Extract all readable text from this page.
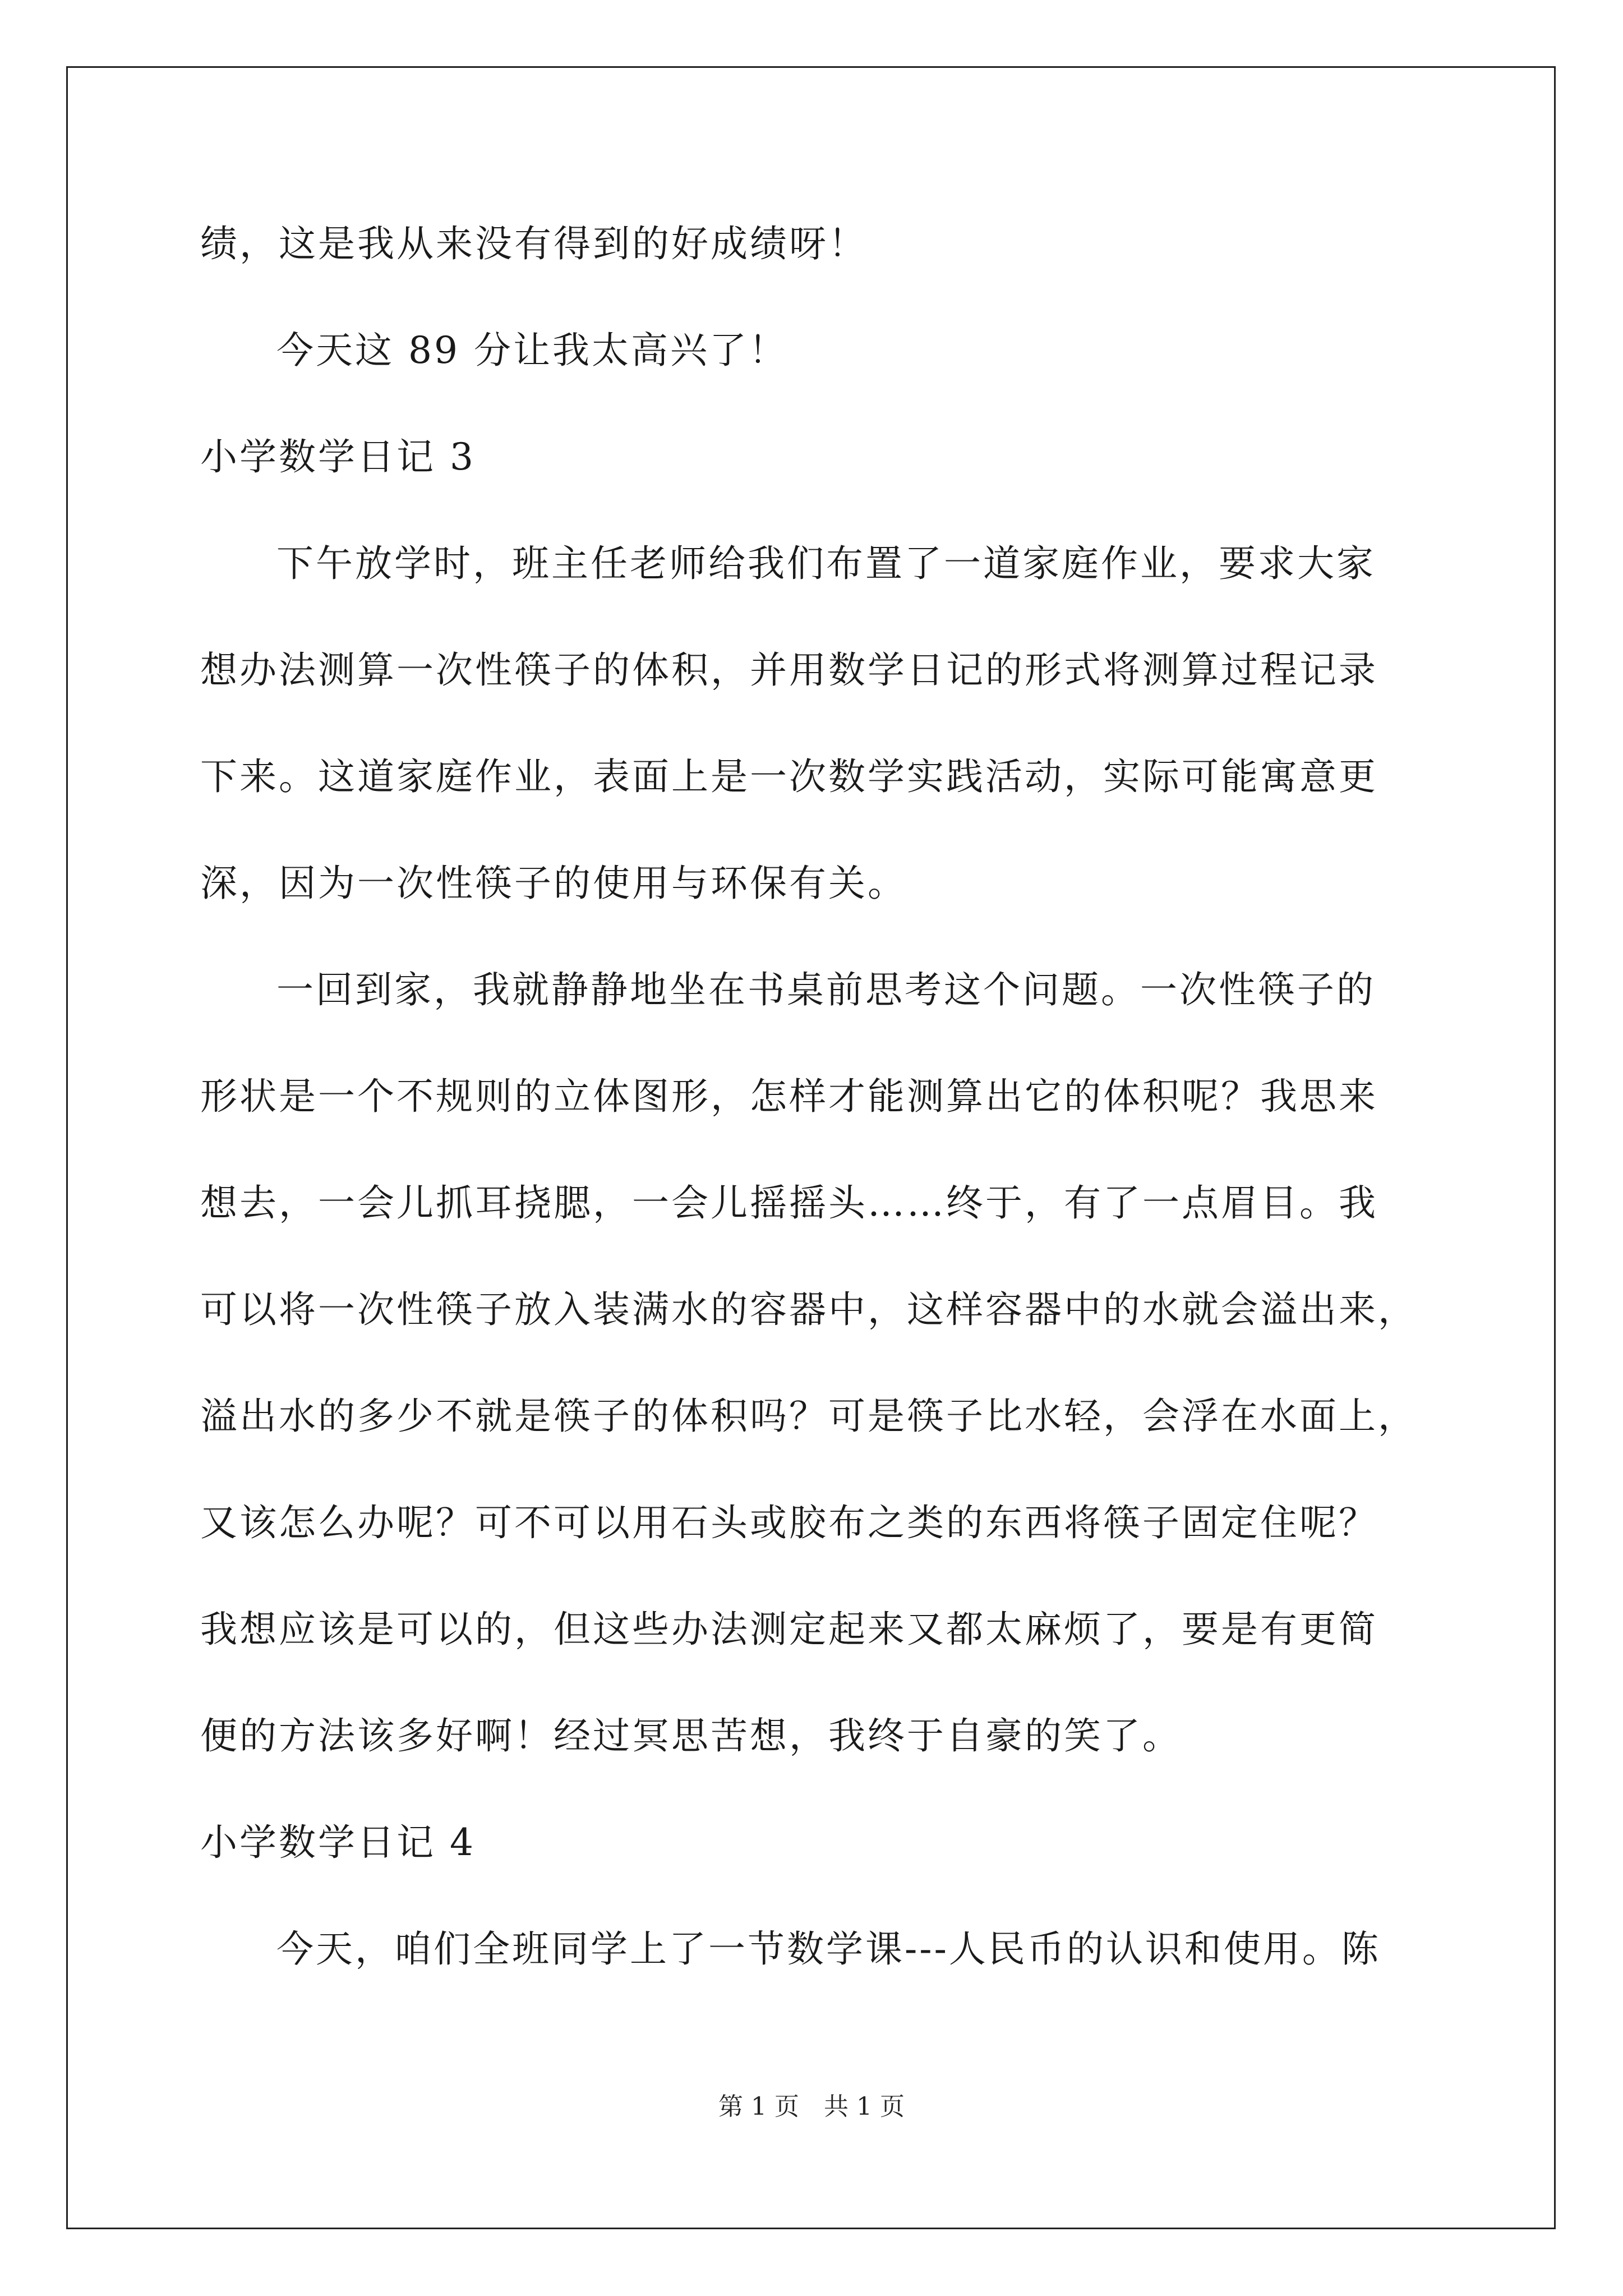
绩，这是我从来没有得到的好成绩呀！
今天这 89 分让我太高兴了！
小学数学日记 3
下午放学时，班主任老师给我们布置了一道家庭作业，要求大家
想办法测算一次性筷子的体积，并用数学日记的形式将测算过程记录
下来。这道家庭作业，表面上是一次数学实践活动，实际可能寓意更
深，因为一次性筷子的使用与环保有关。
一回到家，我就静静地坐在书桌前思考这个问题。一次性筷子的
形状是一个不规则的立体图形，怎样才能测算出它的体积呢？我思来
想去，一会儿抓耳挠腮，一会儿摇摇头……终于，有了一点眉目。我
可以将一次性筷子放入装满水的容器中，这样容器中的水就会溢出来，
溢出水的多少不就是筷子的体积吗？可是筷子比水轻，会浮在水面上，
又该怎么办呢？可不可以用石头或胶布之类的东西将筷子固定住呢？
我想应该是可以的，但这些办法测定起来又都太麻烦了，要是有更简
便的方法该多好啊！经过冥思苦想，我终于自豪的笑了。
小学数学日记 4
今天，咱们全班同学上了一节数学课---人民币的认识和使用。陈
第 1 页　共 1 页
